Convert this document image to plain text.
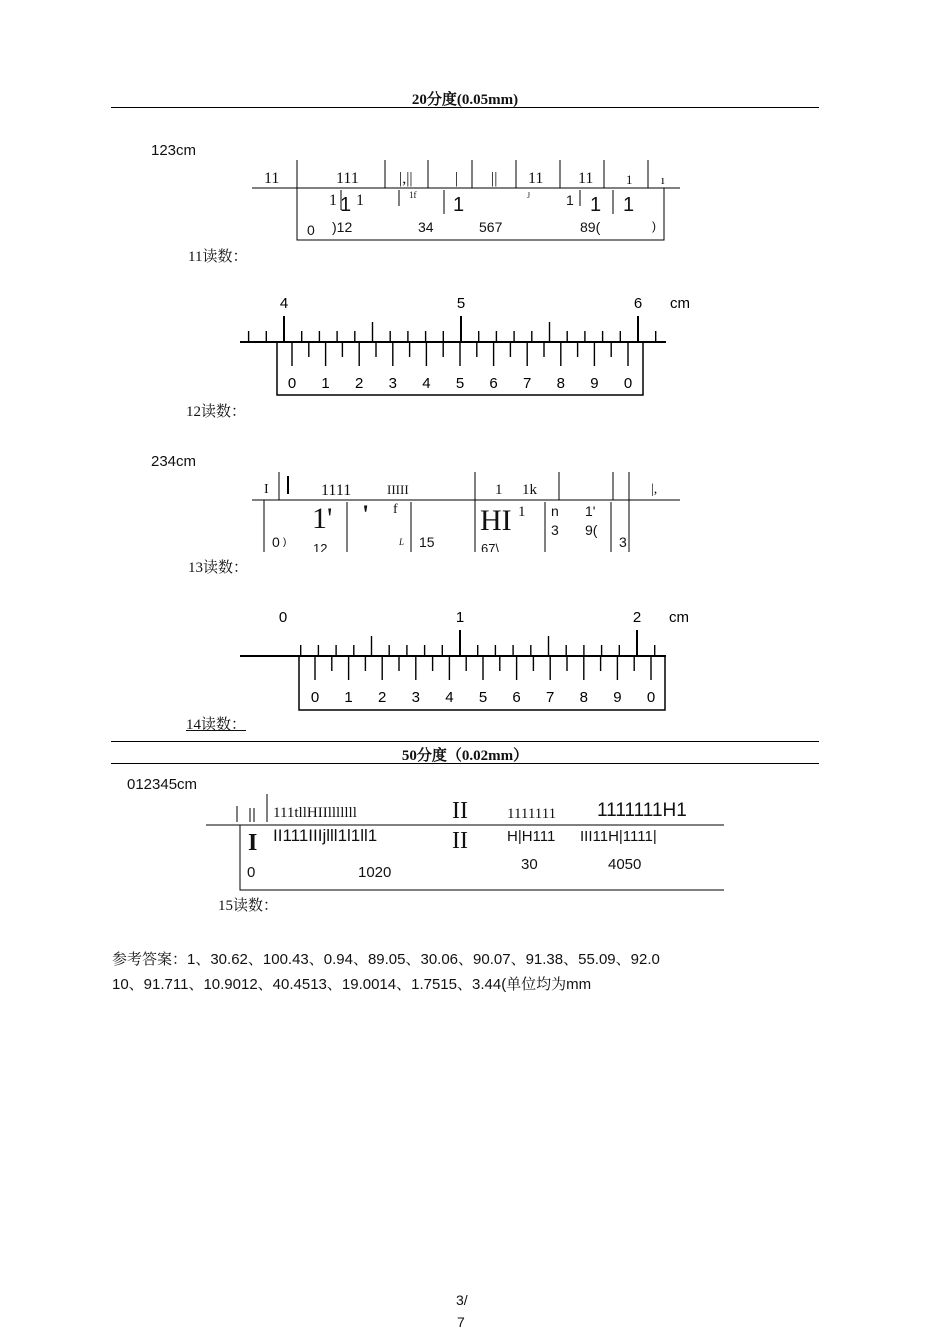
20分度(0.05mm)
123cm
11	111	|,||	| || 11 11	1 ı
1 1 1	1f 1	J	1 1 1
0 )12	34	567	89(	)
11读数：
4	5	6 cm
0 1 2 3 4 5 6 7 8 9 0
12读数：
234cm
I	1111	IIIII	1 1k	|,
1' ' f	HI 1 n
3
1'
9(
L 15
0 ) 12	67\	3
13读数：
0	1	2 cm
0 1 2 3 4 5 6 7 8 9 0
14读数：
50分度（0.02mm）
012345cm
111tllHIIlllllll	II	1111111 1111111H1
I II111IIIjlll1l1ll1	II	H|H111 III11H|1111|
0	1020	30	4050
15读数：
参考答案：1、30.62、100.43、0.94、89.05、30.06、90.07、91.38、55.09、92.0
10、91.711、10.9012、40.4513、19.0014、1.7515、3.44(单位均为mm
3/
7
